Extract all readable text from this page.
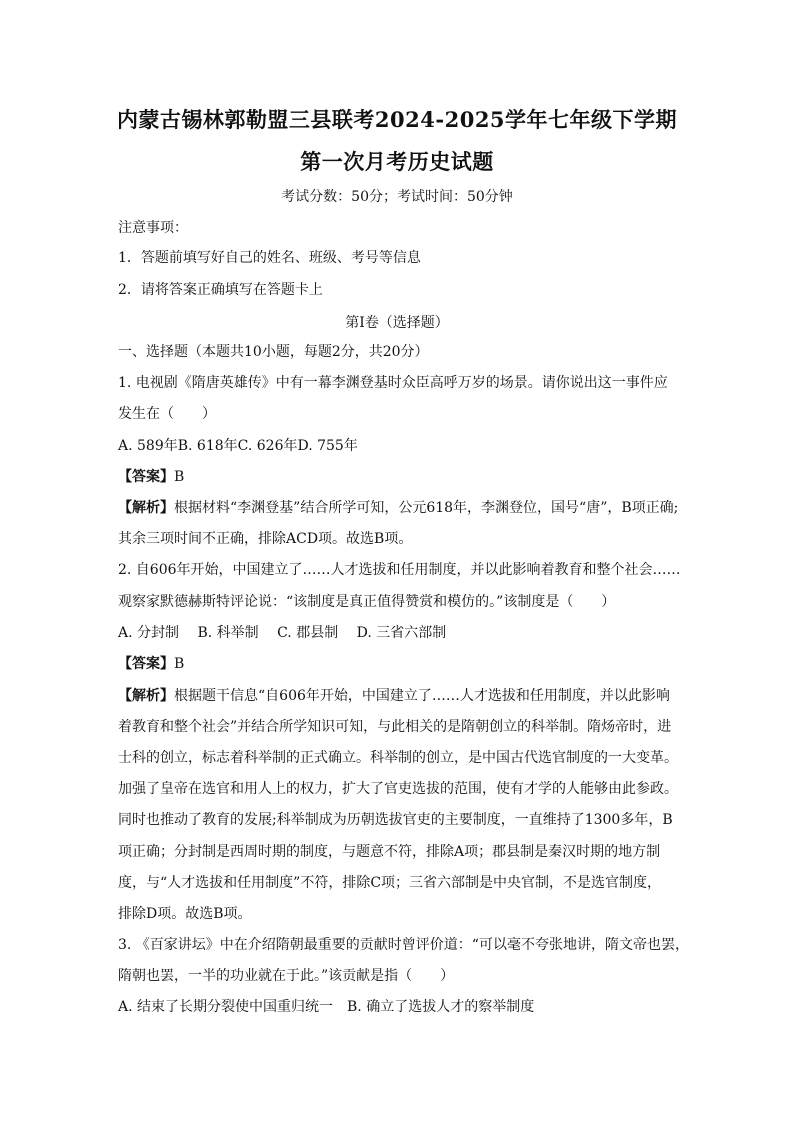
内蒙古锡林郭勒盟三县联考2024-2025学年七年级下学期
第一次月考历史试题
考试分数：50分；考试时间：50分钟
注意事项：
1．答题前填写好自己的姓名、班级、考号等信息
2．请将答案正确填写在答题卡上
第I卷（选择题）
一、选择题（本题共10小题，每题2分，共20分）
1. 电视剧《隋唐英雄传》中有一幕李渊登基时众臣高呼万岁的场景。请你说出这一事件应
发生在（　　）
A. 589年B. 618年C. 626年D. 755年
【答案】B
【解析】根据材料“李渊登基”结合所学可知，公元618年，李渊登位，国号“唐”，B项正确;
其余三项时间不正确，排除ACD项。故选B项。
2. 自606年开始，中国建立了……人才选拔和任用制度，并以此影响着教育和整个社会……
观察家默德赫斯特评论说：“该制度是真正值得赞赏和模仿的。”该制度是（　　）
A. 分封制　 B. 科举制　 C. 郡县制　 D. 三省六部制
【答案】B
【解析】根据题干信息“自606年开始，中国建立了……人才选拔和任用制度，并以此影响
着教育和整个社会”并结合所学知识可知，与此相关的是隋朝创立的科举制。隋炀帝时，进
士科的创立，标志着科举制的正式确立。科举制的创立，是中国古代选官制度的一大变革。
加强了皇帝在选官和用人上的权力，扩大了官吏选拔的范围，使有才学的人能够由此参政。
同时也推动了教育的发展;科举制成为历朝选拔官吏的主要制度，一直维持了1300多年，B
项正确；分封制是西周时期的制度，与题意不符，排除A项；郡县制是秦汉时期的地方制
度，与“人才选拔和任用制度”不符，排除C项；三省六部制是中央官制，不是选官制度，
排除D项。故选B项。
3. 《百家讲坛》中在介绍隋朝最重要的贡献时曾评价道：“可以毫不夸张地讲，隋文帝也罢，
隋朝也罢，一半的功业就在于此。”该贡献是指（　　）
A. 结束了长期分裂使中国重归统一　B. 确立了选拔人才的察举制度
